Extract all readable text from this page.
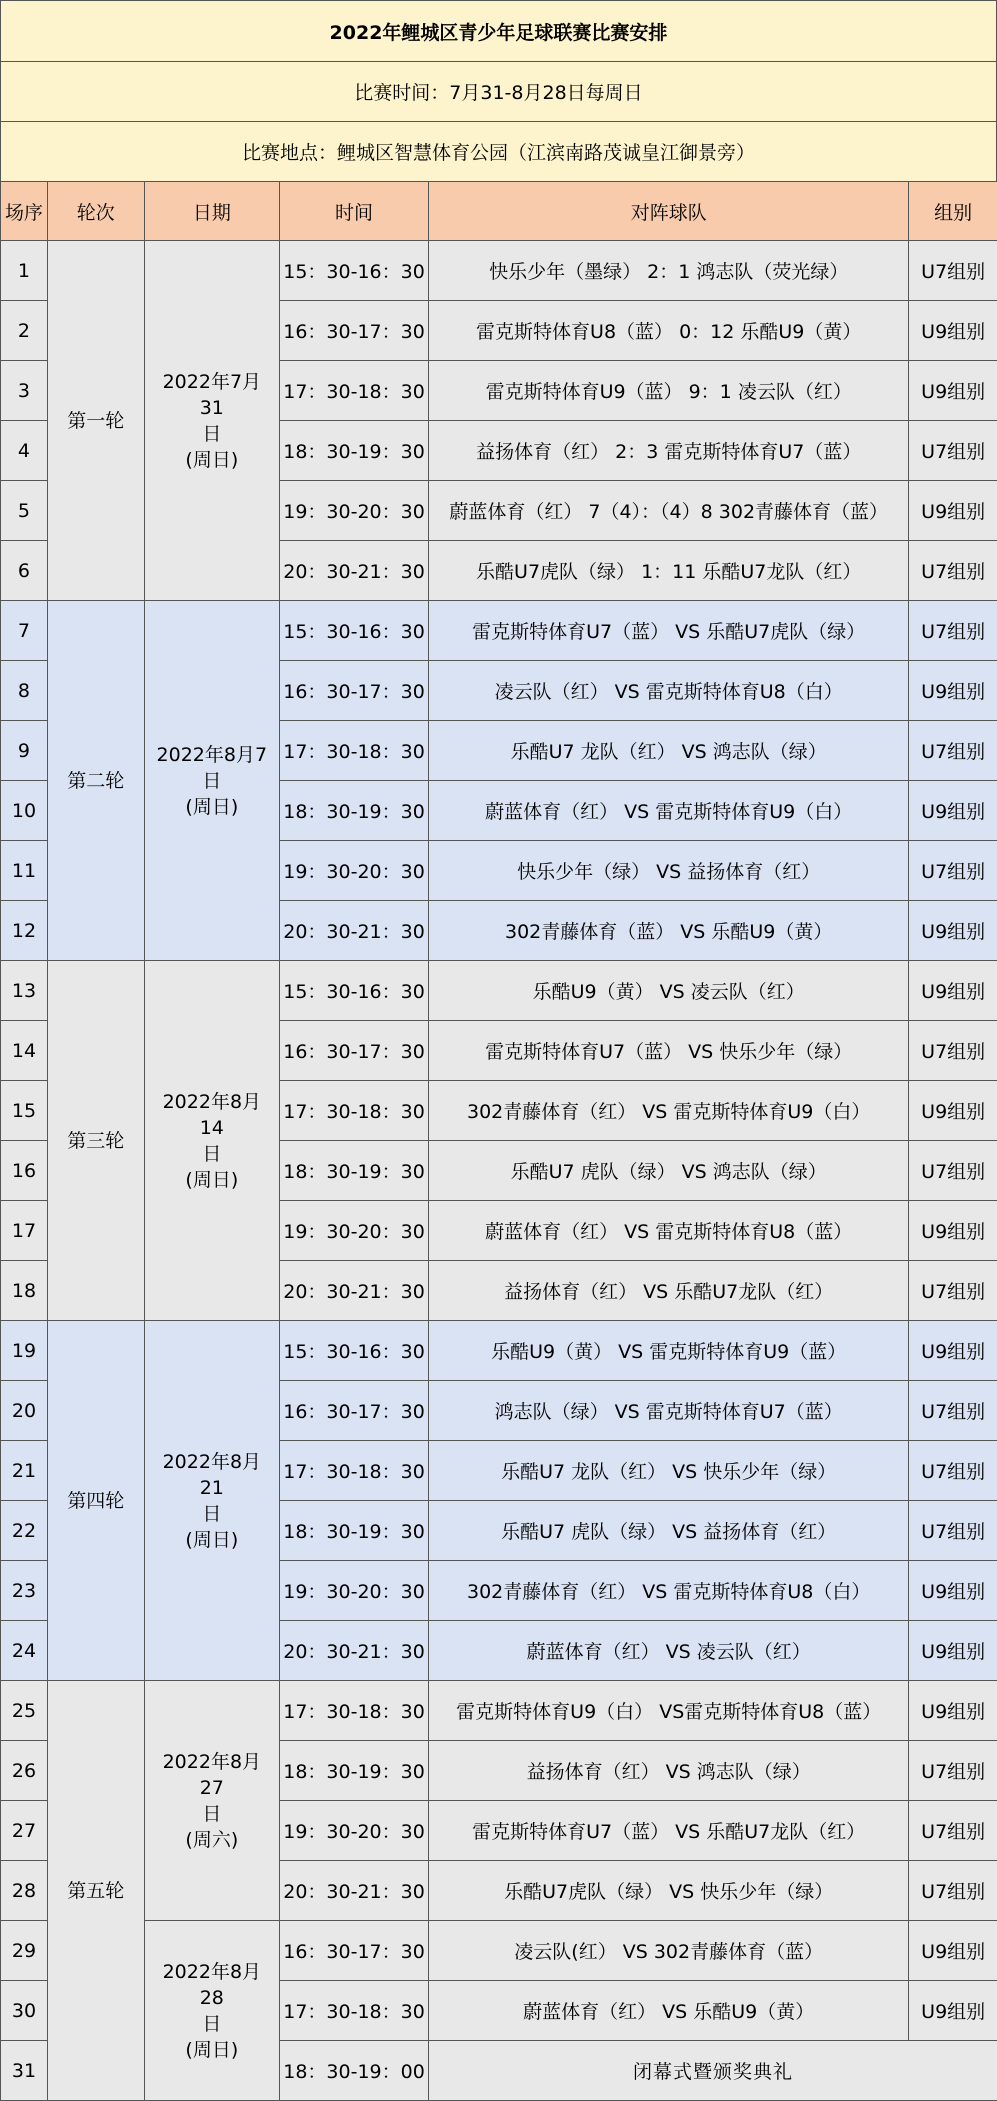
2022年鲤城区青少年足球联赛比赛安排
比赛时间：7月31-8月28日每周日
比赛地点：鲤城区智慧体育公园（江滨南路茂诚皇江御景旁）
场序	轮次	日期	时间	对阵球队	组别
1	第一轮	2022年7月31
日
(周日)	15：30-16：30	快乐少年（墨绿） 2：1 鸿志队（荧光绿）	U7组别
2			16：30-17：30	雷克斯特体育U8（蓝） 0：12 乐酷U9（黄）	U9组别
3			17：30-18：30	雷克斯特体育U9（蓝） 9：1 凌云队（红）	U9组别
4			18：30-19：30	益扬体育（红） 2：3 雷克斯特体育U7（蓝）	U7组别
5			19：30-20：30	蔚蓝体育（红） 7（4）：（4）8 302青藤体育（蓝）	U9组别
6			20：30-21：30	乐酷U7虎队（绿） 1：11 乐酷U7龙队（红）	U7组别
7	第二轮	2022年8月7日
(周日)	15：30-16：30	雷克斯特体育U7（蓝） VS 乐酷U7虎队（绿）	U7组别
8			16：30-17：30	凌云队（红） VS 雷克斯特体育U8（白）	U9组别
9			17：30-18：30	乐酷U7 龙队（红） VS 鸿志队（绿）	U7组别
10			18：30-19：30	蔚蓝体育（红） VS 雷克斯特体育U9（白）	U9组别
11			19：30-20：30	快乐少年（绿） VS 益扬体育（红）	U7组别
12			20：30-21：30	302青藤体育（蓝） VS 乐酷U9（黄）	U9组别
13	第三轮	2022年8月14
日
(周日)	15：30-16：30	乐酷U9（黄） VS 凌云队（红）	U9组别
14			16：30-17：30	雷克斯特体育U7（蓝） VS 快乐少年（绿）	U7组别
15			17：30-18：30	302青藤体育（红） VS 雷克斯特体育U9（白）	U9组别
16			18：30-19：30	乐酷U7 虎队（绿） VS 鸿志队（绿）	U7组别
17			19：30-20：30	蔚蓝体育（红） VS 雷克斯特体育U8（蓝）	U9组别
18			20：30-21：30	益扬体育（红） VS 乐酷U7龙队（红）	U7组别
19	第四轮	2022年8月21
日
(周日)	15：30-16：30	乐酷U9（黄） VS 雷克斯特体育U9（蓝）	U9组别
20			16：30-17：30	鸿志队（绿） VS 雷克斯特体育U7（蓝）	U7组别
21			17：30-18：30	乐酷U7 龙队（红） VS 快乐少年（绿）	U7组别
22			18：30-19：30	乐酷U7 虎队（绿） VS 益扬体育（红）	U7组别
23			19：30-20：30	302青藤体育（红） VS 雷克斯特体育U8（白）	U9组别
24			20：30-21：30	蔚蓝体育（红） VS 凌云队（红）	U9组别
25	第五轮	2022年8月27
日
(周六)	17：30-18：30	雷克斯特体育U9（白） VS雷克斯特体育U8（蓝）	U9组别
26			18：30-19：30	益扬体育（红） VS 鸿志队（绿）	U7组别
27			19：30-20：30	雷克斯特体育U7（蓝） VS 乐酷U7龙队（红）	U7组别
28			20：30-21：30	乐酷U7虎队（绿） VS 快乐少年（绿）	U7组别
29		2022年8月28
日
(周日)	16：30-17：30	凌云队(红） VS 302青藤体育（蓝）	U9组别
30			17：30-18：30	蔚蓝体育（红） VS 乐酷U9（黄）	U9组别
31			18：30-19：00	闭幕式暨颁奖典礼	
